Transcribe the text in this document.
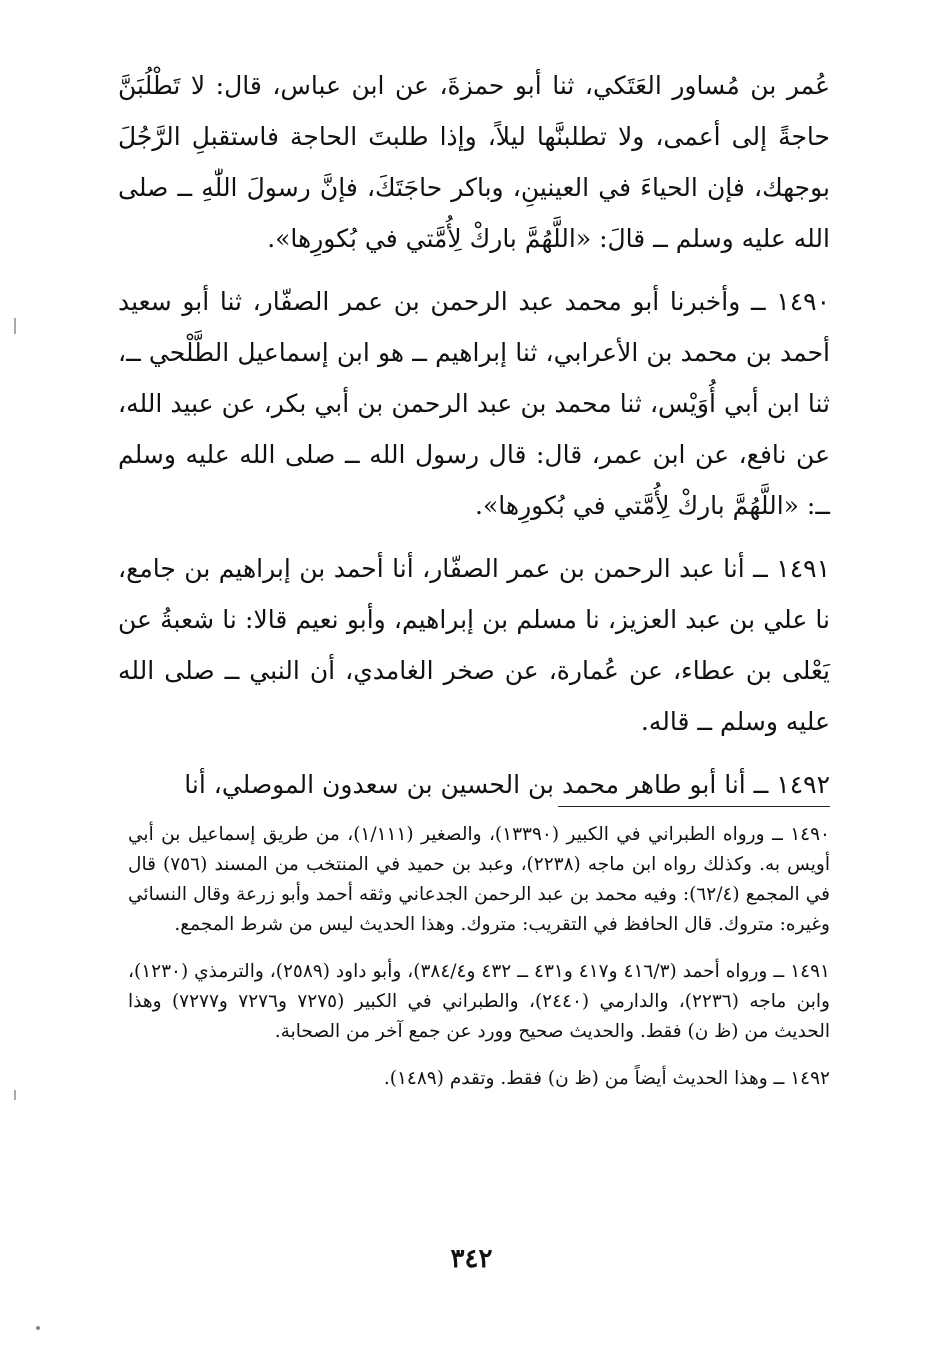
عُمر بن مُساور العَتَكي، ثنا أبو حمزةَ، عن ابن عباس، قال: لا تَطْلُبَنَّ حاجةً إلى أعمى، ولا تطلبنَّها ليلاً، وإذا طلبتَ الحاجة فاستقبلِ الرَّجُلَ بوجهك، فإن الحياءَ في العينينِ، وباكر حاجَتَكَ، فإنَّ رسولَ اللّٰهِ ــ صلى الله عليه وسلم ــ قالَ: «اللَّهُمَّ باركْ لِأُمَّتي في بُكورِها».

١٤٩٠ ــ وأخبرنا أبو محمد عبد الرحمن بن عمر الصفّار، ثنا أبو سعيد أحمد بن محمد بن الأعرابي، ثنا إبراهيم ــ هو ابن إسماعيل الطَّلْحي ــ، ثنا ابن أبي أُوَيْس، ثنا محمد بن عبد الرحمن بن أبي بكر، عن عبيد الله، عن نافع، عن ابن عمر، قال: قال رسول الله ــ صلى الله عليه وسلم ــ: «اللَّهُمَّ باركْ لِأُمَّتي في بُكورِها».

١٤٩١ ــ أنا عبد الرحمن بن عمر الصفّار، أنا أحمد بن إبراهيم بن جامع، نا علي بن عبد العزيز، نا مسلم بن إبراهيم، وأبو نعيم قالا: نا شعبةُ عن يَعْلى بن عطاء، عن عُمارة، عن صخر الغامدي، أن النبي ــ صلى الله عليه وسلم ــ قاله.

١٤٩٢ ــ أنا أبو طاهر محمد بن الحسين بن سعدون الموصلي، أنا

١٤٩٠ ــ ورواه الطبراني في الكبير (١٣٣٩٠)، والصغير (١/١١١)، من طريق إسماعيل بن أبي أويس به. وكذلك رواه ابن ماجه (٢٢٣٨)، وعبد بن حميد في المنتخب من المسند (٧٥٦) قال في المجمع (٦٢/٤): وفيه محمد بن عبد الرحمن الجدعاني وثقه أحمد وأبو زرعة وقال النسائي وغيره: متروك. قال الحافظ في التقريب: متروك. وهذا الحديث ليس من شرط المجمع.

١٤٩١ ــ ورواه أحمد (٤١٦/٣ و٤١٧ و٤٣١ ــ ٤٣٢ و٣٨٤/٤)، وأبو داود (٢٥٨٩)، والترمذي (١٢٣٠)، وابن ماجه (٢٢٣٦)، والدارمي (٢٤٤٠)، والطبراني في الكبير (٧٢٧٥ و٧٢٧٦ و٧٢٧٧) وهذا الحديث من (ظ ن) فقط. والحديث صحيح وورد عن جمع آخر من الصحابة.

١٤٩٢ ــ وهذا الحديث أيضاً من (ظ ن) فقط. وتقدم (١٤٨٩).

٣٤٢
